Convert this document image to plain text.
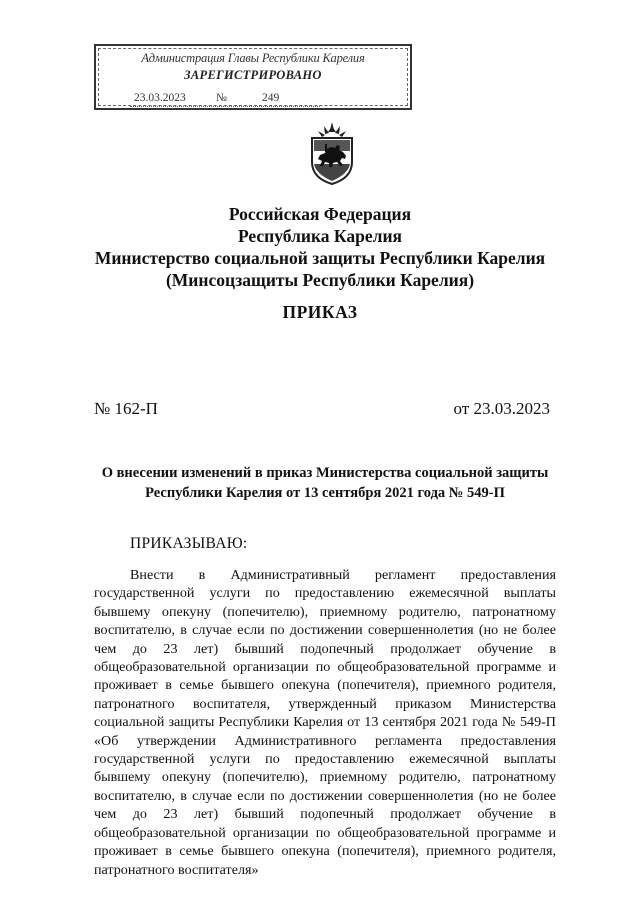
Администрация Главы Республики Карелия
ЗАРЕГИСТРИРОВАНО
23.03.2023	№	249
Российская Федерация
Республика Карелия
Министерство социальной защиты Республики Карелия
(Минсоцзащиты Республики Карелия)
ПРИКАЗ
№ 162-П	от 23.03.2023
О внесении изменений в приказ Министерства социальной защиты Республики Карелия от 13 сентября 2021 года № 549-П
ПРИКАЗЫВАЮ:

Внести в Административный регламент предоставления государственной услуги по предоставлению ежемесячной выплаты бывшему опекуну (попечителю), приемному родителю, патронатному воспитателю, в случае если по достижении совершеннолетия (но не более чем до 23 лет) бывший подопечный продолжает обучение в общеобразовательной организации по общеобразовательной программе и проживает в семье бывшего опекуна (попечителя), приемного родителя, патронатного воспитателя, утвержденный приказом Министерства социальной защиты Республики Карелия от 13 сентября 2021 года № 549-П «Об утверждении Административного регламента предоставления государственной услуги по предоставлению ежемесячной выплаты бывшему опекуну (попечителю), приемному родителю, патронатному воспитателю, в случае если по достижении совершеннолетия (но не более чем до 23 лет) бывший подопечный продолжает обучение в общеобразовательной организации по общеобразовательной программе и проживает в семье бывшего опекуна (попечителя), приемного родителя, патронатного воспитателя»
